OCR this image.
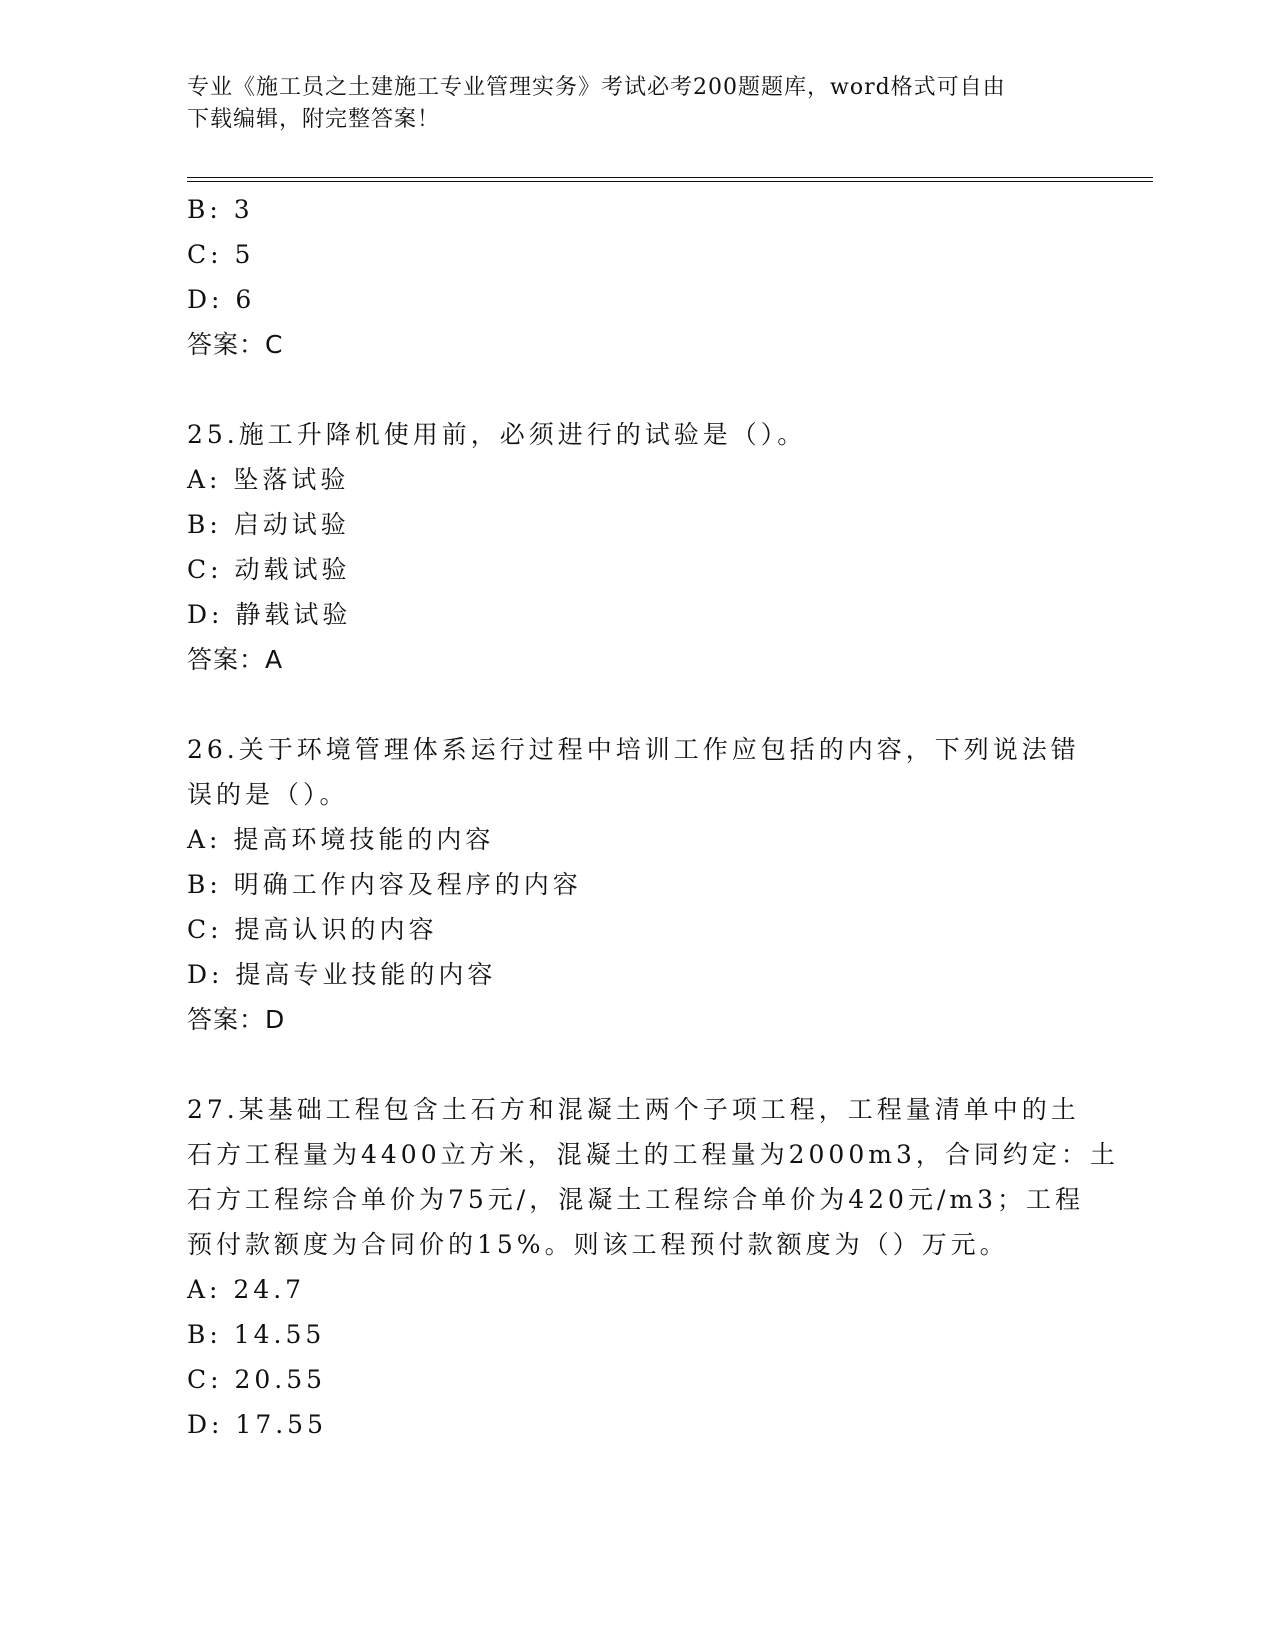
专业《施工员之土建施工专业管理实务》考试必考200题题库，word格式可自由
下载编辑，附完整答案！
B: 3
C: 5
D: 6
答案：C
25.施工升降机使用前，必须进行的试验是（）。
A: 坠落试验
B: 启动试验
C: 动载试验
D: 静载试验
答案：A
26.关于环境管理体系运行过程中培训工作应包括的内容，下列说法错
误的是（）。
A: 提高环境技能的内容
B: 明确工作内容及程序的内容
C: 提高认识的内容
D: 提高专业技能的内容
答案：D
27.某基础工程包含土石方和混凝土两个子项工程，工程量清单中的土
石方工程量为4400立方米，混凝土的工程量为2000m3，合同约定：土
石方工程综合单价为75元/，混凝土工程综合单价为420元/m3；工程
预付款额度为合同价的15%。则该工程预付款额度为（）万元。
A: 24.7
B: 14.55
C: 20.55
D: 17.55
